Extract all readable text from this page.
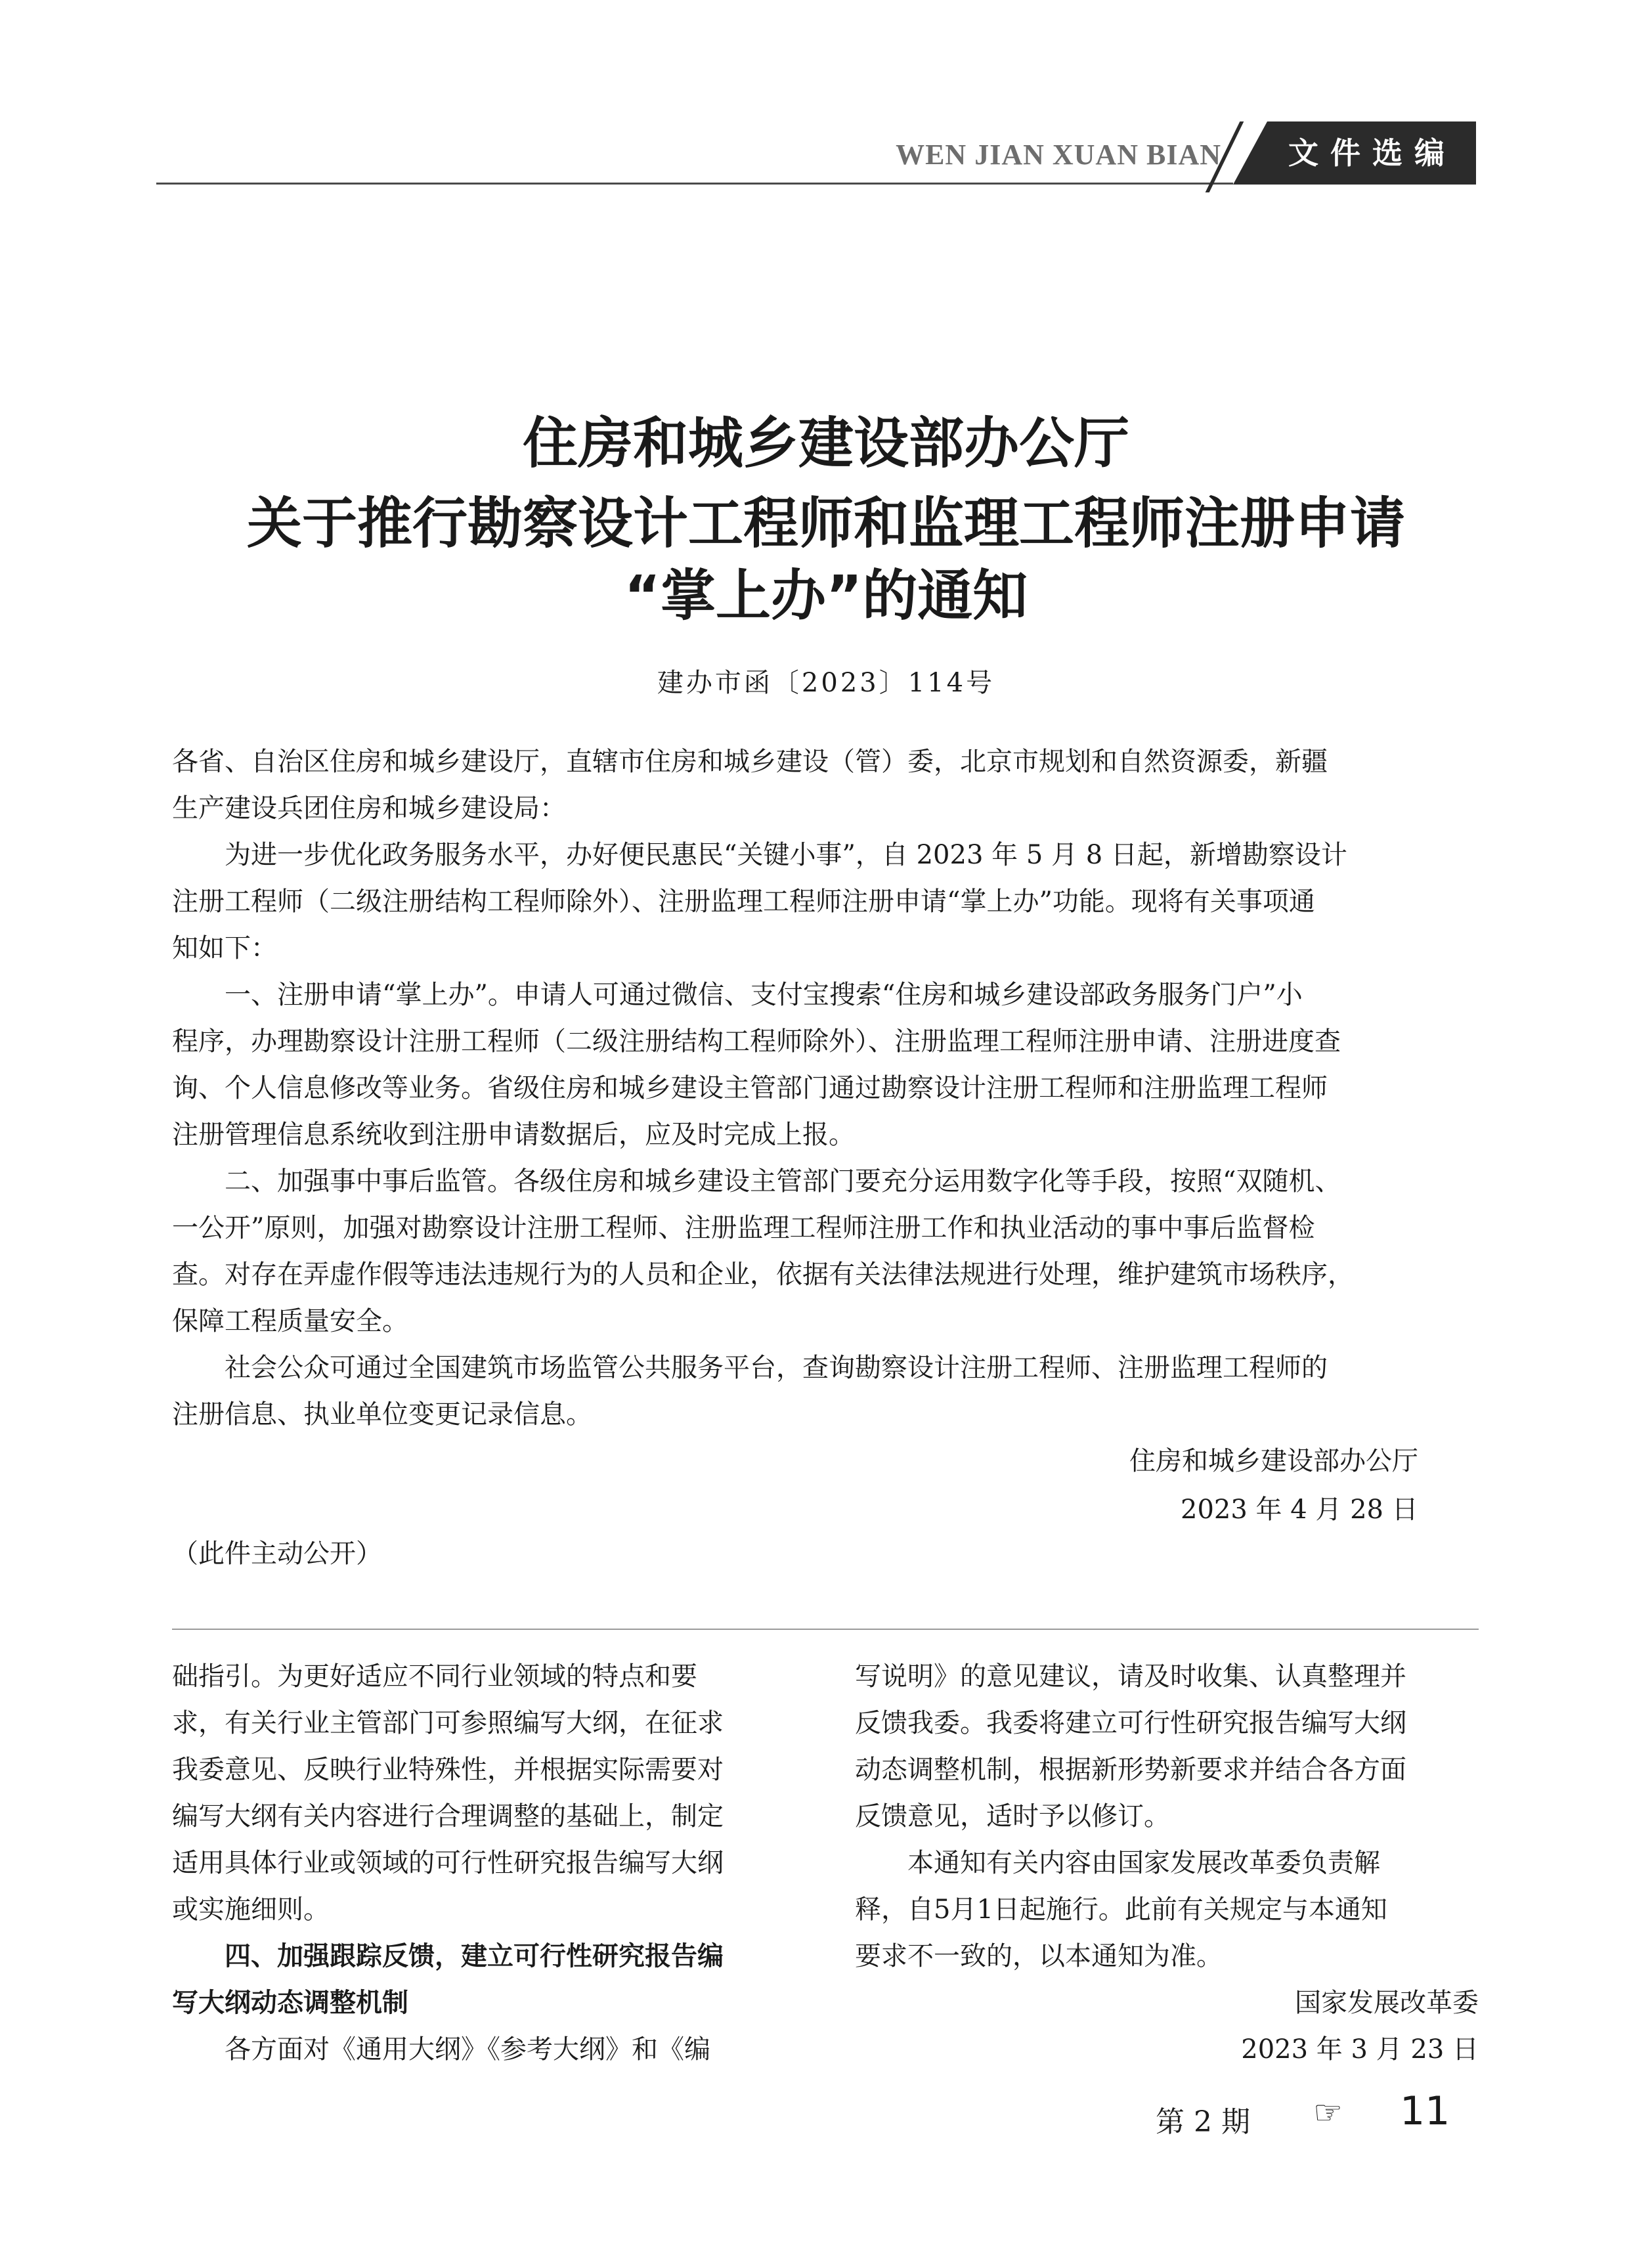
WEN JIAN XUAN BIAN	文件选编
住房和城乡建设部办公厅
关于推行勘察设计工程师和监理工程师注册申请
“掌上办”的通知
建办市函〔2023〕114号
各省、自治区住房和城乡建设厅，直辖市住房和城乡建设（管）委，北京市规划和自然资源委，新疆
生产建设兵团住房和城乡建设局：
为进一步优化政务服务水平，办好便民惠民“关键小事”，自 2023 年 5 月 8 日起，新增勘察设计
注册工程师（二级注册结构工程师除外）、注册监理工程师注册申请“掌上办”功能。现将有关事项通
知如下：
一、注册申请“掌上办”。申请人可通过微信、支付宝搜索“住房和城乡建设部政务服务门户”小
程序，办理勘察设计注册工程师（二级注册结构工程师除外）、注册监理工程师注册申请、注册进度查
询、个人信息修改等业务。省级住房和城乡建设主管部门通过勘察设计注册工程师和注册监理工程师
注册管理信息系统收到注册申请数据后，应及时完成上报。
二、加强事中事后监管。各级住房和城乡建设主管部门要充分运用数字化等手段，按照“双随机、
一公开”原则，加强对勘察设计注册工程师、注册监理工程师注册工作和执业活动的事中事后监督检
查。对存在弄虚作假等违法违规行为的人员和企业，依据有关法律法规进行处理，维护建筑市场秩序，
保障工程质量安全。
社会公众可通过全国建筑市场监管公共服务平台，查询勘察设计注册工程师、注册监理工程师的
注册信息、执业单位变更记录信息。
住房和城乡建设部办公厅
2023 年 4 月 28 日
（此件主动公开）
础指引。为更好适应不同行业领域的特点和要
求，有关行业主管部门可参照编写大纲，在征求
我委意见、反映行业特殊性，并根据实际需要对
编写大纲有关内容进行合理调整的基础上，制定
适用具体行业或领域的可行性研究报告编写大纲
或实施细则。
四、加强跟踪反馈，建立可行性研究报告编
写大纲动态调整机制
各方面对《通用大纲》《参考大纲》和《编
写说明》的意见建议，请及时收集、认真整理并
反馈我委。我委将建立可行性研究报告编写大纲
动态调整机制，根据新形势新要求并结合各方面
反馈意见，适时予以修订。
本通知有关内容由国家发展改革委负责解
释，自5月1日起施行。此前有关规定与本通知
要求不一致的，以本通知为准。
国家发展改革委
2023 年 3 月 23 日
第 2 期 ☞ 11
